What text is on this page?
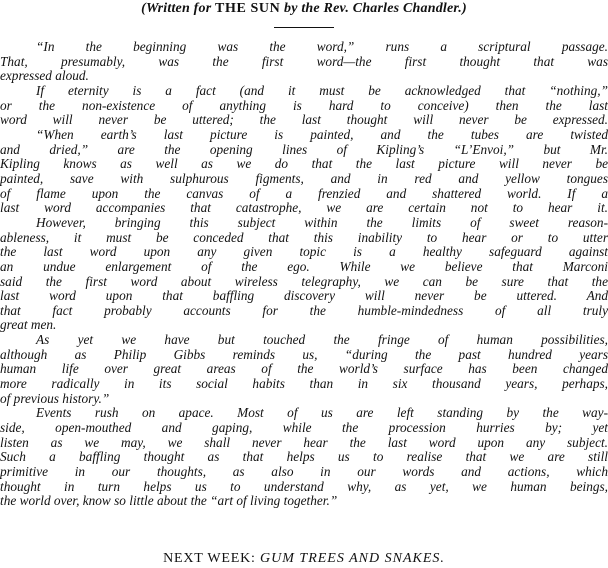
(Written for THE SUN by the Rev. Charles Chandler.)

“In the beginning was the word,” runs a scriptural passage.
That, presumably, was the first word—the first thought that was
expressed aloud.

If eternity is a fact (and it must be acknowledged that “nothing,”
or the non-existence of anything is hard to conceive) then the last
word will never be uttered; the last thought will never be expressed.

“When earth’s last picture is painted, and the tubes are twisted
and dried,” are the opening lines of Kipling’s “L’Envoi,” but Mr.
Kipling knows as well as we do that the last picture will never be
painted, save with sulphurous figments, and in red and yellow tongues
of flame upon the canvas of a frenzied and shattered world. If a
last word accompanies that catastrophe, we are certain not to hear it.

However, bringing this subject within the limits of sweet reason-
ableness, it must be conceded that this inability to hear or to utter
the last word upon any given topic is a healthy safeguard against
an undue enlargement of the ego. While we believe that Marconi
said the first word about wireless telegraphy, we can be sure that the
last word upon that baffling discovery will never be uttered. And
that fact probably accounts for the humble-mindedness of all truly
great men.

As yet we have but touched the fringe of human possibilities,
although as Philip Gibbs reminds us, “during the past hundred years
human life over great areas of the world’s surface has been changed
more radically in its social habits than in six thousand years, perhaps,
of previous history.”

Events rush on apace. Most of us are left standing by the way-
side, open-mouthed and gaping, while the procession hurries by; yet
listen as we may, we shall never hear the last word upon any subject.
Such a baffling thought as that helps us to realise that we are still
primitive in our thoughts, as also in our words and actions, which
thought in turn helps us to understand why, as yet, we human beings,
the world over, know so little about the “art of living together.”

NEXT WEEK: GUM TREES AND SNAKES.
